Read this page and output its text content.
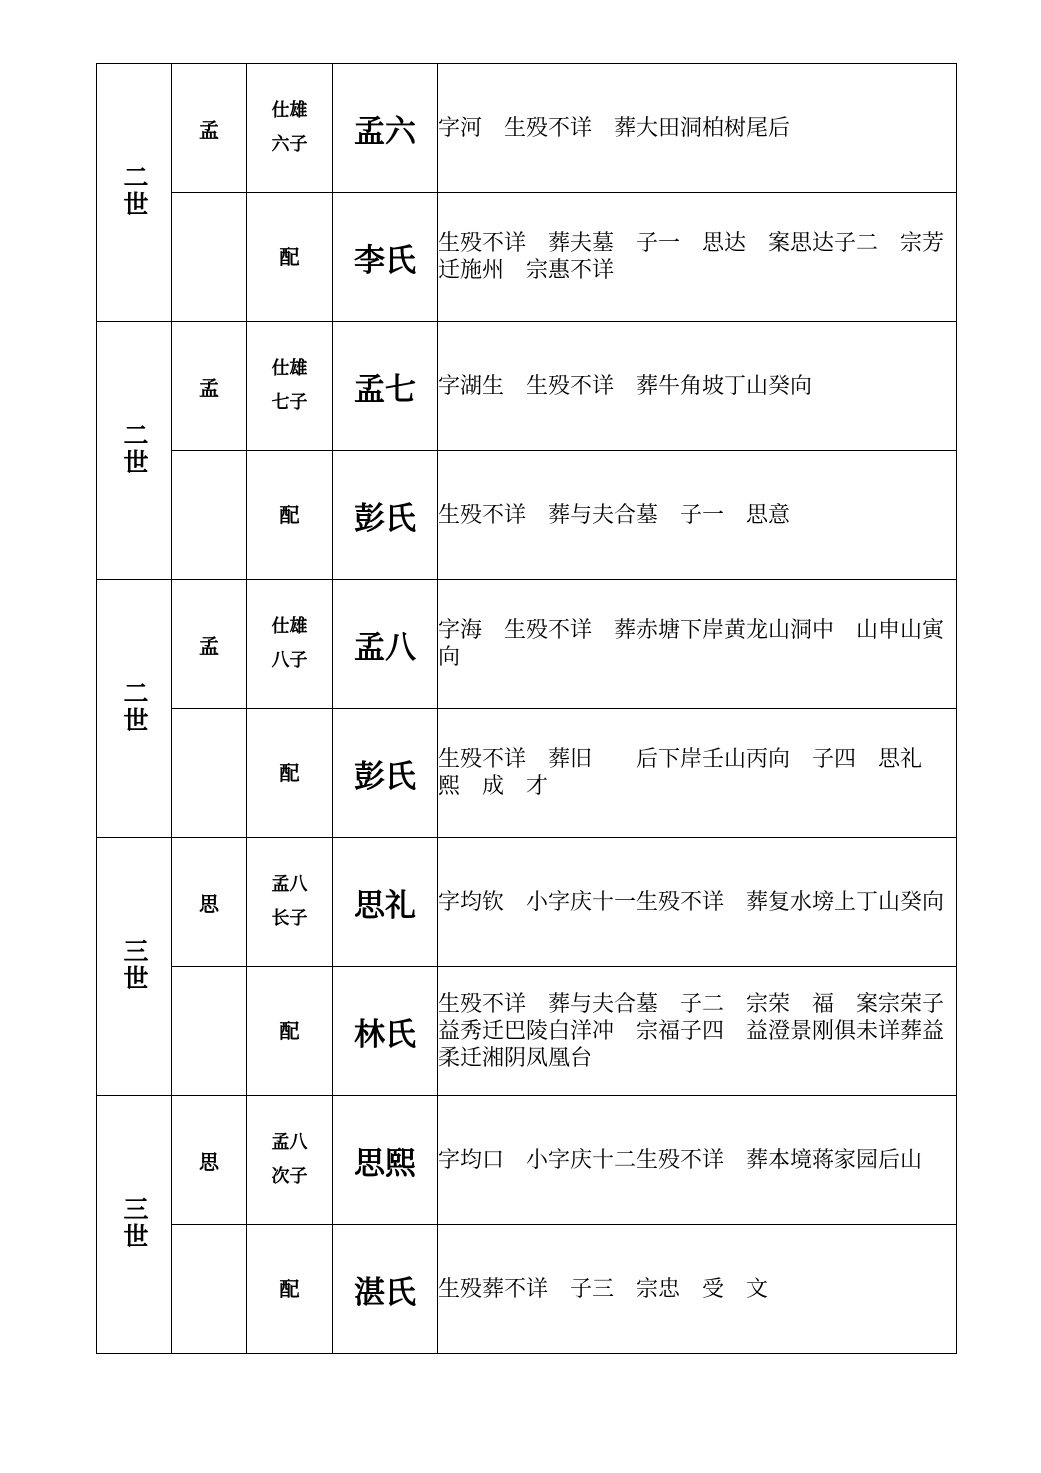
二世	孟	仕雄
六子	孟六	字河　生殁不详　葬大田洞柏树尾后
		配	李氏	生殁不详　葬夫墓　子一　思达　案思达子二　宗芳迁施州　宗惠不详
二世	孟	仕雄
七子	孟七	字湖生　生殁不详　葬牛角坡丁山癸向
		配	彭氏	生殁不详　葬与夫合墓　子一　思意
二世	孟	仕雄
八子	孟八	字海　生殁不详　葬赤塘下岸黄龙山洞中　山申山寅向
		配	彭氏	生殁不详　葬旧　　后下岸壬山丙向　子四　思礼　熙　成　才
三世	思	孟八
长子	思礼	字均钦　小字庆十一生殁不详　葬复水塝上丁山癸向
		配	林氏	生殁不详　葬与夫合墓　子二　宗荣　福　案宗荣子益秀迁巴陵白洋冲　宗福子四　益澄景刚俱未详葬益柔迁湘阴凤凰台
三世	思	孟八
次子	思熙	字均口　小字庆十二生殁不详　葬本境蒋家园后山
		配	湛氏	生殁葬不详　子三　宗忠　受　文
